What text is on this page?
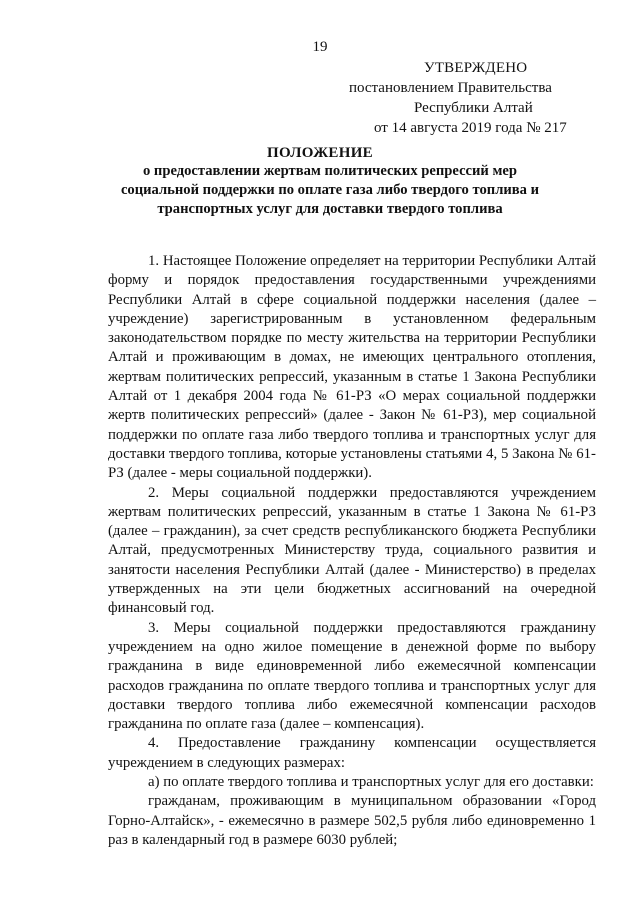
19
УТВЕРЖДЕНО
постановлением Правительства
Республики Алтай
от 14 августа 2019 года № 217
ПОЛОЖЕНИЕ
о предоставлении жертвам политических репрессий мер социальной поддержки по оплате газа либо твердого топлива и транспортных услуг для доставки твердого топлива

1. Настоящее Положение определяет на территории Республики Алтай форму и порядок предоставления государственными учреждениями Республики Алтай в сфере социальной поддержки населения (далее – учреждение) зарегистрированным в установленном федеральным законодательством порядке по месту жительства на территории Республики Алтай и проживающим в домах, не имеющих центрального отопления, жертвам политических репрессий, указанным в статье 1 Закона Республики Алтай от 1 декабря 2004 года № 61-РЗ «О мерах социальной поддержки жертв политических репрессий» (далее - Закон № 61-РЗ), мер социальной поддержки по оплате газа либо твердого топлива и транспортных услуг для доставки твердого топлива, которые установлены статьями 4, 5 Закона № 61-РЗ (далее - меры социальной поддержки).

2. Меры социальной поддержки предоставляются учреждением жертвам политических репрессий, указанным в статье 1 Закона № 61-РЗ (далее – гражданин), за счет средств республиканского бюджета Республики Алтай, предусмотренных Министерству труда, социального развития и занятости населения Республики Алтай (далее - Министерство) в пределах утвержденных на эти цели бюджетных ассигнований на очередной финансовый год.

3. Меры социальной поддержки предоставляются гражданину учреждением на одно жилое помещение в денежной форме по выбору гражданина в виде единовременной либо ежемесячной компенсации расходов гражданина по оплате твердого топлива и транспортных услуг для доставки твердого топлива либо ежемесячной компенсации расходов гражданина по оплате газа (далее – компенсация).

4. Предоставление гражданину компенсации осуществляется учреждением в следующих размерах:

а) по оплате твердого топлива и транспортных услуг для его доставки:

гражданам, проживающим в муниципальном образовании «Город Горно-Алтайск», - ежемесячно в размере 502,5 рубля либо единовременно 1 раз в календарный год в размере 6030 рублей;
